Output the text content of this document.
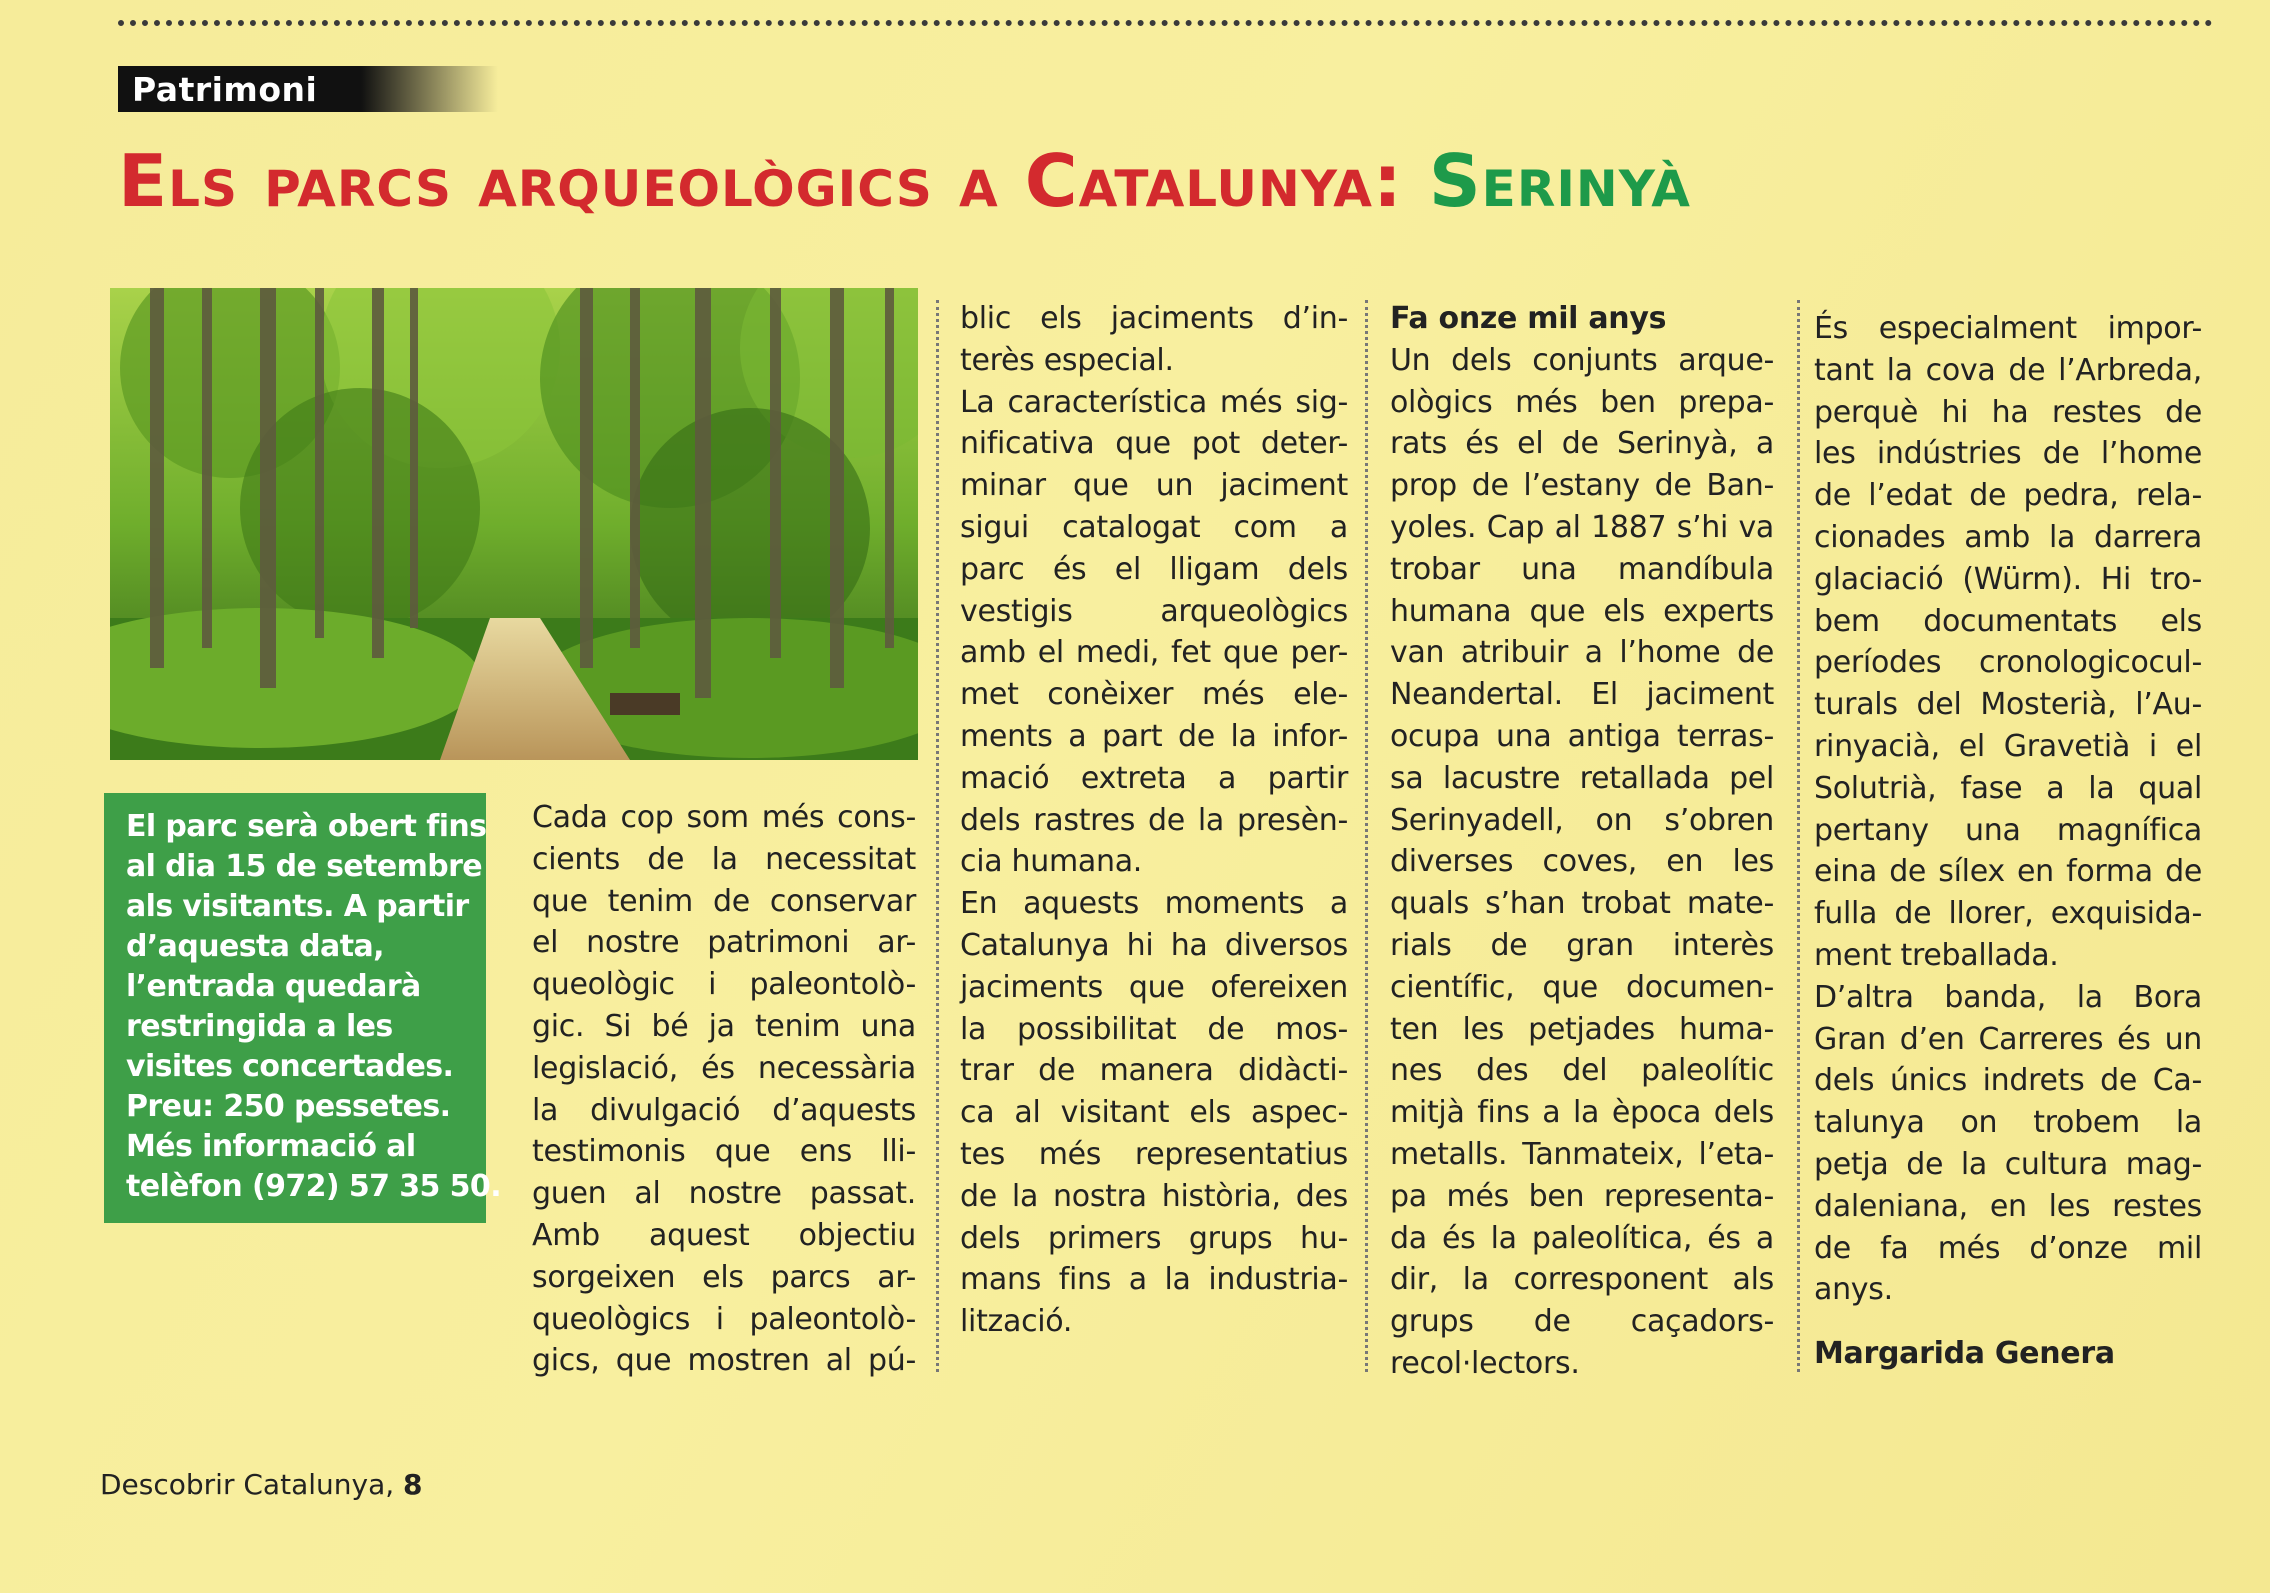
Patrimoni
Els parcs arqueològics a Catalunya: Serinyà
El parc serà obert fins
al dia 15 de setembre
als visitants. A partir
d’aquesta data,
l’entrada quedarà
restringida a les
visites concertades.
Preu: 250 pessetes.
Més informació al
telèfon (972) 57 35 50.
Cada cop som més cons-
cients de la necessitat
que tenim de conservar
el nostre patrimoni ar-
queològic i paleontolò-
gic. Si bé ja tenim una
legislació, és necessària
la divulgació d’aquests
testimonis que ens lli-
guen al nostre passat.
Amb aquest objectiu
sorgeixen els parcs ar-
queològics i paleontolò-
gics, que mostren al pú-
blic els jaciments d’in-
terès especial.
La característica més sig-
nificativa que pot deter-
minar que un jaciment
sigui catalogat com a
parc és el lligam dels
vestigis arqueològics
amb el medi, fet que per-
met conèixer més ele-
ments a part de la infor-
mació extreta a partir
dels rastres de la presèn-
cia humana.
En aquests moments a
Catalunya hi ha diversos
jaciments que ofereixen
la possibilitat de mos-
trar de manera didàcti-
ca al visitant els aspec-
tes més representatius
de la nostra història, des
dels primers grups hu-
mans fins a la industria-
lització.
Fa onze mil anys
Un dels conjunts arque-
ològics més ben prepa-
rats és el de Serinyà, a
prop de l’estany de Ban-
yoles. Cap al 1887 s’hi va
trobar una mandíbula
humana que els experts
van atribuir a l’home de
Neandertal. El jaciment
ocupa una antiga terras-
sa lacustre retallada pel
Serinyadell, on s’obren
diverses coves, en les
quals s’han trobat mate-
rials de gran interès
científic, que documen-
ten les petjades huma-
nes des del paleolític
mitjà fins a la època dels
metalls. Tanmateix, l’eta-
pa més ben representa-
da és la paleolítica, és a
dir, la corresponent als
grups de caçadors-
recol·lectors.
És especialment impor-
tant la cova de l’Arbreda,
perquè hi ha restes de
les indústries de l’home
de l’edat de pedra, rela-
cionades amb la darrera
glaciació (Würm). Hi tro-
bem documentats els
períodes cronologicocul-
turals del Mosterià, l’Au-
rinyacià, el Gravetià i el
Solutrià, fase a la qual
pertany una magnífica
eina de sílex en forma de
fulla de llorer, exquisida-
ment treballada.
D’altra banda, la Bora
Gran d’en Carreres és un
dels únics indrets de Ca-
talunya on trobem la
petja de la cultura mag-
daleniana, en les restes
de fa més d’onze mil
anys.
Margarida Genera
Descobrir Catalunya, 8
